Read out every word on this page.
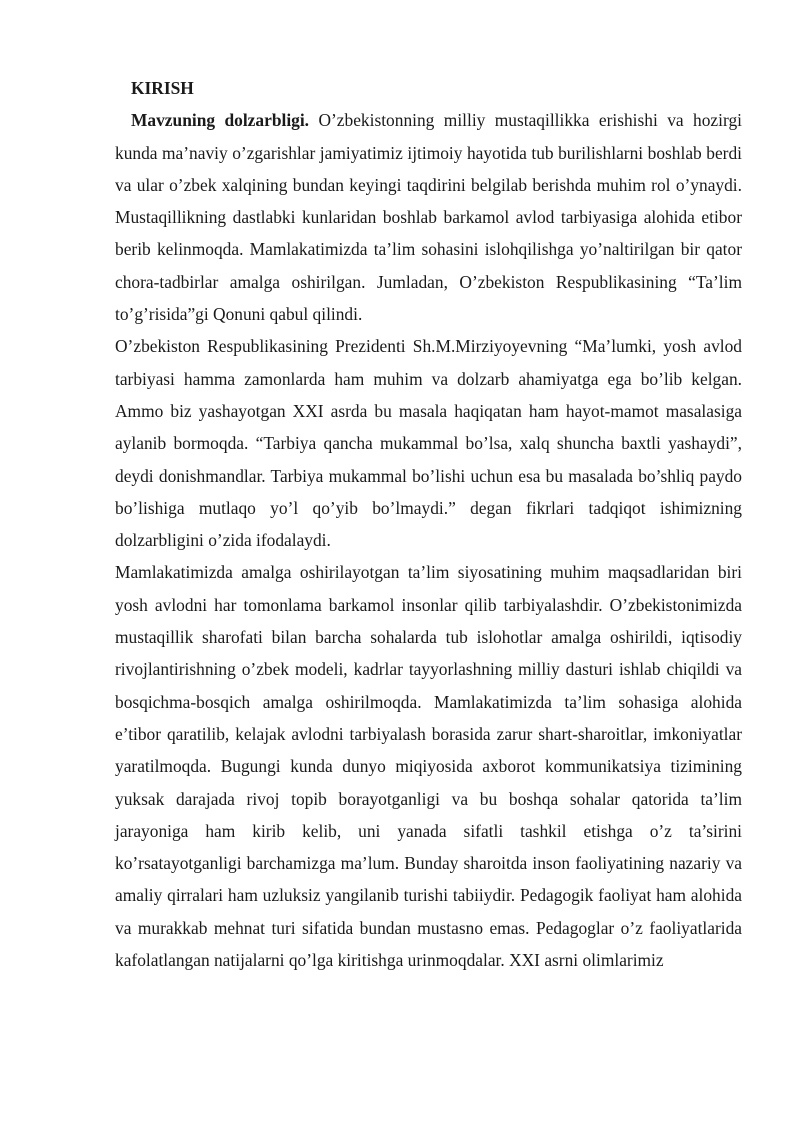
KIRISH

Mavzuning dolzarbligi. O’zbekistonning milliy mustaqillikka erishishi va hozirgi kunda ma’naviy o’zgarishlar jamiyatimiz ijtimoiy hayotida tub burilishlarni boshlab berdi va ular o’zbek xalqining bundan keyingi taqdirini belgilab berishda muhim rol o’ynaydi. Mustaqillikning dastlabki kunlaridan boshlab barkamol avlod tarbiyasiga alohida etibor berib kelinmoqda. Mamlakatimizda ta’lim sohasini islohqilishga yo’naltirilgan bir qator chora-tadbirlar amalga oshirilgan. Jumladan, O’zbekiston Respublikasining “Ta’lim to’g’risida”gi Qonuni qabul qilindi.

O’zbekiston Respublikasining Prezidenti Sh.M.Mirziyoyevning “Ma’lumki, yosh avlod tarbiyasi hamma zamonlarda ham muhim va dolzarb ahamiyatga ega bo’lib kelgan. Ammo biz yashayotgan XXI asrda bu masala haqiqatan ham hayot-mamot masalasiga aylanib bormoqda. “Tarbiya qancha mukammal bo’lsa, xalq shuncha baxtli yashaydi”, deydi donishmandlar. Tarbiya mukammal bo’lishi uchun esa bu masalada bo’shliq paydo bo’lishiga mutlaqo yo’l qo’yib bo’lmaydi.” degan fikrlari tadqiqot ishimizning dolzarbligini o’zida ifodalaydi.

Mamlakatimizda amalga oshirilayotgan ta’lim siyosatining muhim maqsadlaridan biri yosh avlodni har tomonlama barkamol insonlar qilib tarbiyalashdir. O’zbekistonimizda mustaqillik sharofati bilan barcha sohalarda tub islohotlar amalga oshirildi, iqtisodiy rivojlantirishning o’zbek modeli, kadrlar tayyorlashning milliy dasturi ishlab chiqildi va bosqichma-bosqich amalga oshirilmoqda. Mamlakatimizda ta’lim sohasiga alohida e’tibor qaratilib, kelajak avlodni tarbiyalash borasida zarur shart-sharoitlar, imkoniyatlar yaratilmoqda. Bugungi kunda dunyo miqiyosida axborot kommunikatsiya tizimining yuksak darajada rivoj topib borayotganligi va bu boshqa sohalar qatorida ta’lim jarayoniga ham kirib kelib, uni yanada sifatli tashkil etishga o’z ta’sirini ko’rsatayotganligi barchamizga ma’lum. Bunday sharoitda inson faoliyatining nazariy va amaliy qirralari ham uzluksiz yangilanib turishi tabiiydir. Pedagogik faoliyat ham alohida va murakkab mehnat turi sifatida bundan mustasno emas. Pedagoglar o’z faoliyatlarida kafolatlangan natijalarni qo’lga kiritishga urinmoqdalar. XXI asrni olimlarimiz
